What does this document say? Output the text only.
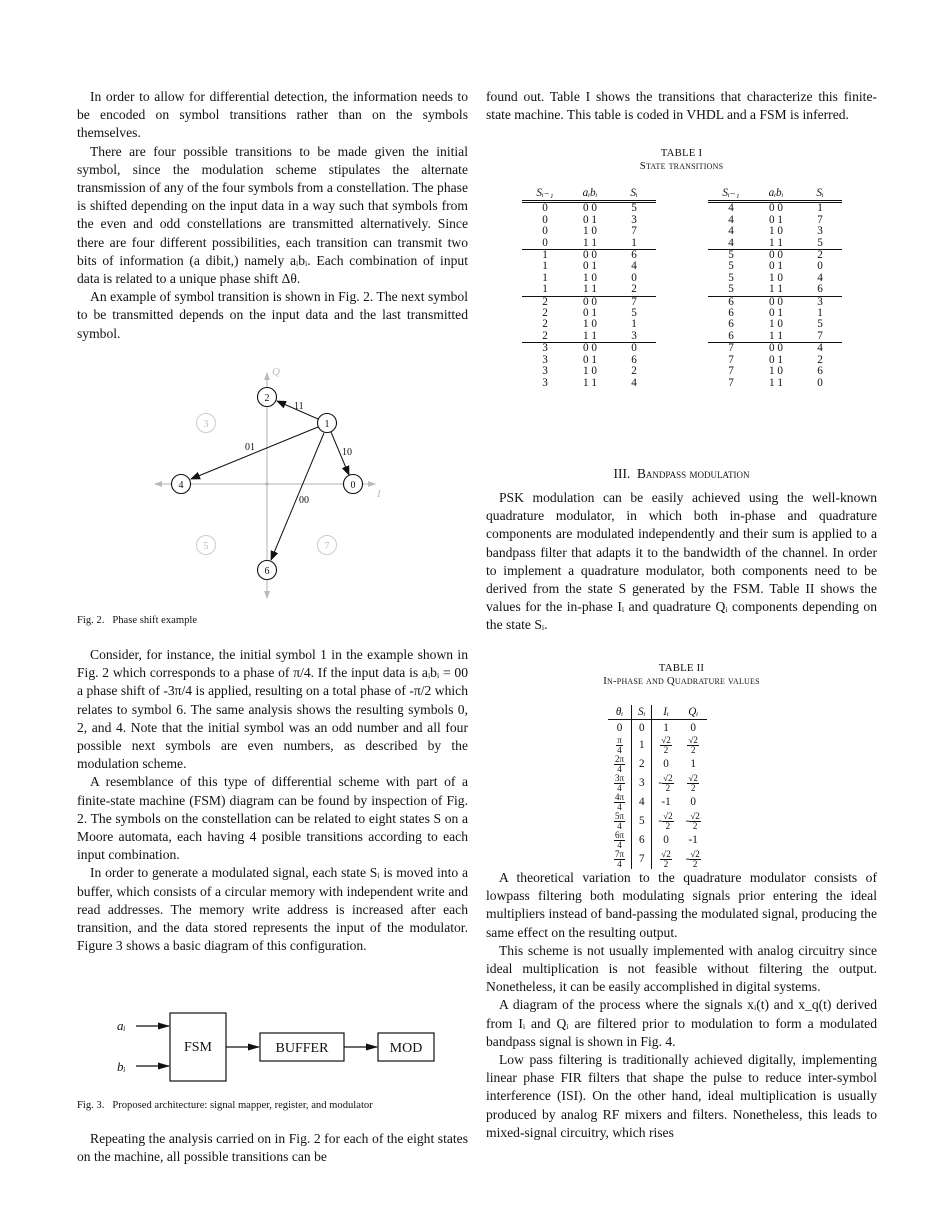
In order to allow for differential detection, the information needs to be encoded on symbol transitions rather than on the symbols themselves.

There are four possible transitions to be made given the initial symbol, since the modulation scheme stipulates the alternate transmission of any of the four symbols from a constellation. The phase is shifted depending on the input data in a way such that symbols from the even and odd constellations are transmitted alternatively. Since there are four different possibilities, each transition can transmit two bits of information (a dibit,) namely aᵢbᵢ. Each combination of input data is related to a unique phase shift Δθ.

An example of symbol transition is shown in Fig. 2. The next symbol to be transmitted depends on the input data and the last transmitted symbol.

Q
I
3
5	7
11
01	10
00
1
2
0
4
6
Fig. 2. Phase shift example

Consider, for instance, the initial symbol 1 in the example shown in Fig. 2 which corresponds to a phase of π/4. If the input data is aᵢbᵢ = 00 a phase shift of -3π/4 is applied, resulting on a total phase of -π/2 which relates to symbol 6. The same analysis shows the resulting symbols 0, 2, and 4. Note that the initial symbol was an odd number and all four possible next symbols are even numbers, as described by the modulation scheme.

A resemblance of this type of differential scheme with part of a finite-state machine (FSM) diagram can be found by inspection of Fig. 2. The symbols on the constellation can be related to eight states S on a Moore automata, each having 4 posible transitions according to each input combination.

In order to generate a modulated signal, each state Sᵢ is moved into a buffer, which consists of a circular memory with independent write and read addresses. The memory write address is increased after each transition, and the data stored represents the input of the modulator. Figure 3 shows a basic diagram of this configuration.

aᵢ
bᵢ
FSM	BUFFER	MOD
Fig. 3. Proposed architecture: signal mapper, register, and modulator

Repeating the analysis carried on in Fig. 2 for each of the eight states on the machine, all possible transitions can be

found out. Table I shows the transitions that characterize this finite-state machine. This table is coded in VHDL and a FSM is inferred.

TABLE I
State transitions
Sᵢ₋₁	aᵢbᵢ	Sᵢ
0	0 0	5
0	0 1	3
0	1 0	7
0	1 1	1
1	0 0	6
1	0 1	4
1	1 0	0
1	1 1	2
2	0 0	7
2	0 1	5
2	1 0	1
2	1 1	3
3	0 0	0
3	0 1	6
3	1 0	2
3	1 1	4
Sᵢ₋₁	aᵢbᵢ	Sᵢ
4	0 0	1
4	0 1	7
4	1 0	3
4	1 1	5
5	0 0	2
5	0 1	0
5	1 0	4
5	1 1	6
6	0 0	3
6	0 1	1
6	1 0	5
6	1 1	7
7	0 0	4
7	0 1	2
7	1 0	6
7	1 1	0
III. Bandpass modulation

PSK modulation can be easily achieved using the well-known quadrature modulator, in which both in-phase and quadrature components are modulated independently and their sum is applied to a bandpass filter that adapts it to the bandwidth of the channel. In order to implement a quadrature modulator, both components need to be derived from the state S generated by the FSM. Table II shows the values for the in-phase Iᵢ and quadrature Qᵢ components depending on the state Sᵢ.

TABLE II
In-phase and Quadrature values
θᵢ	Sᵢ	Iᵢ	Qᵢ
0	0	1	0

$\frac{\pi}{4}$	1	$\frac{√2}{2}$	$\frac{√2}{2}$

$\frac{2\pi}{4}$	2	0	1

$\frac{3\pi}{4}$	3	- $\frac{√2}{2}$	$\frac{√2}{2}$

$\frac{4\pi}{4}$	4	-1	0

$\frac{5\pi}{4}$	5	- $\frac{√2}{2}$	- $\frac{√2}{2}$

$\frac{6\pi}{4}$	6	0	-1

$\frac{7\pi}{4}$	7	$\frac{√2}{2}$	- $\frac{√2}{2}$

A theoretical variation to the quadrature modulator consists of lowpass filtering both modulating signals prior entering the ideal multipliers instead of band-passing the modulated signal, producing the same effect on the resulting output.

This scheme is not usually implemented with analog circuitry since ideal multiplication is not feasible without filtering the output. Nonetheless, it can be easily accomplished in digital systems.

A diagram of the process where the signals xᵢ(t) and x_q(t) derived from Iᵢ and Qᵢ are filtered prior to modulation to form a modulated bandpass signal is shown in Fig. 4.

Low pass filtering is traditionally achieved digitally, implementing linear phase FIR filters that shape the pulse to reduce inter-symbol interference (ISI). On the other hand, ideal multiplication is usually produced by analog RF mixers and filters. Nonetheless, this leads to mixed-signal circuitry, which rises
